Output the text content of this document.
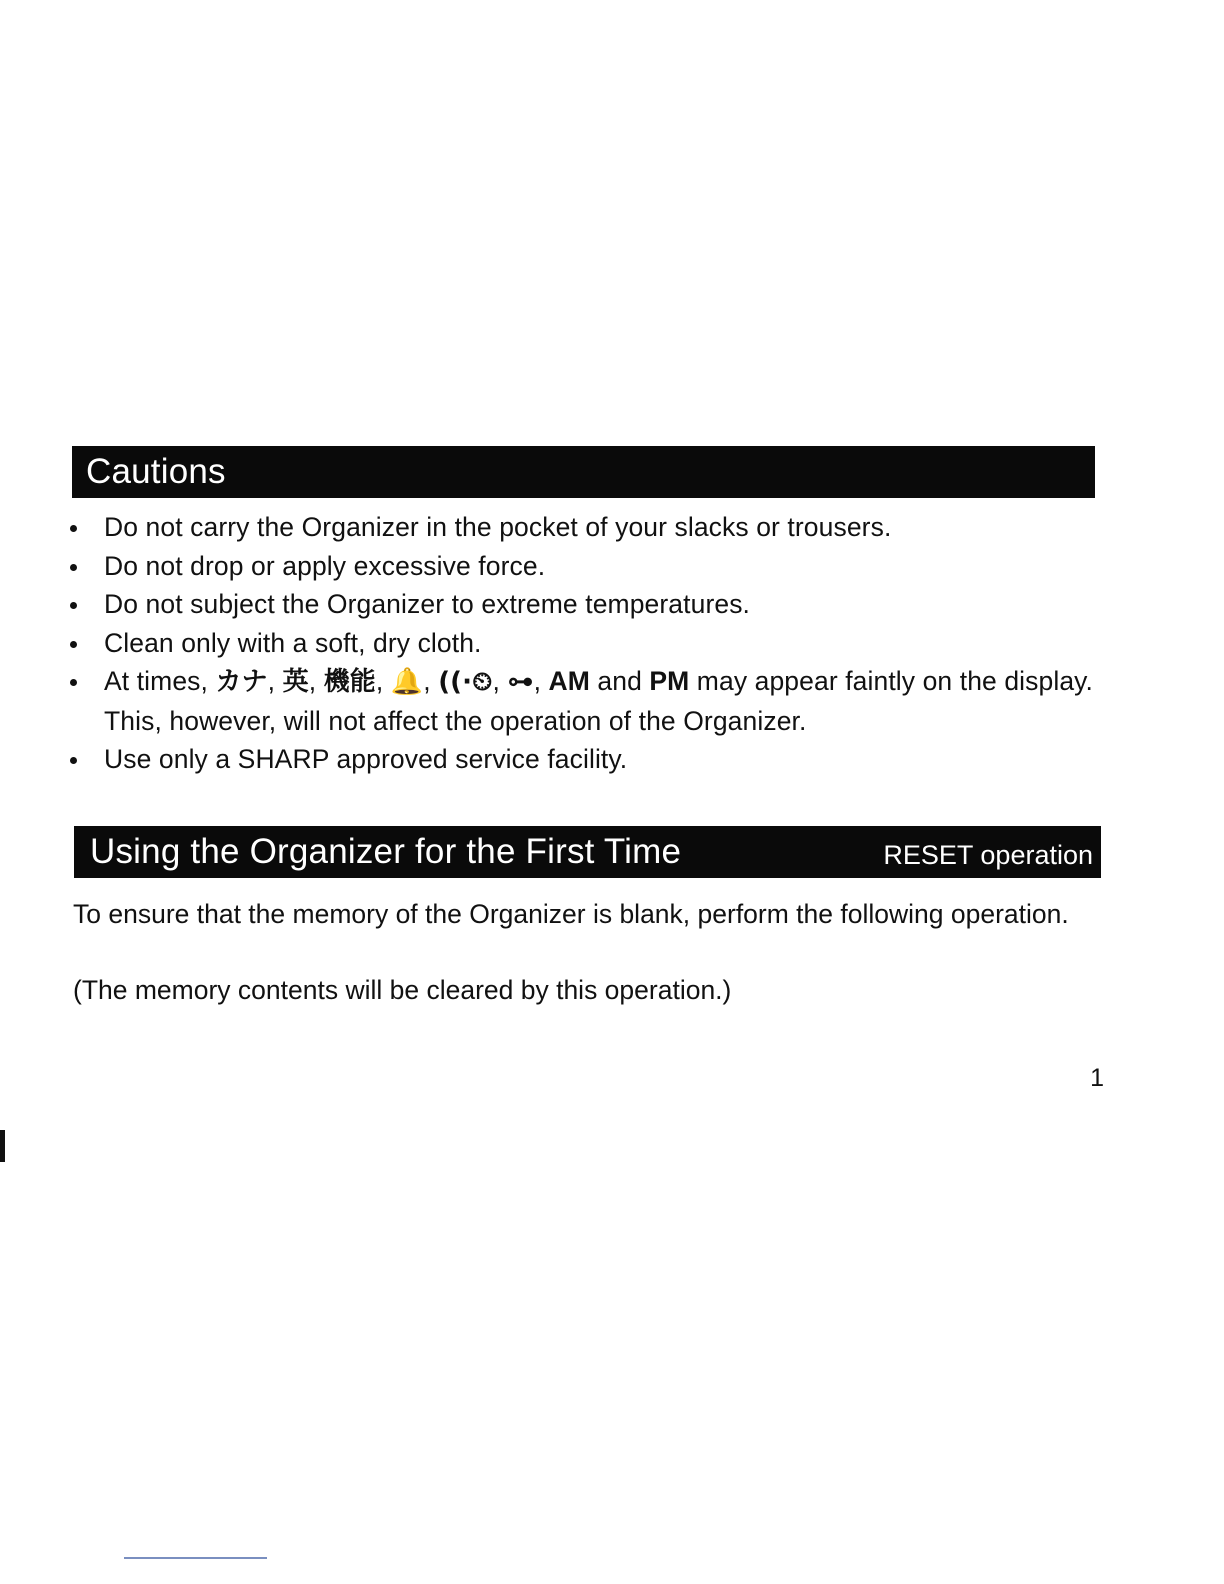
Cautions
Do not carry the Organizer in the pocket of your slacks or trousers.
Do not drop or apply excessive force.
Do not subject the Organizer to extreme temperatures.
Clean only with a soft, dry cloth.
At times, カナ, 英, 機能, 🔔, ((·⏲, ⊶, AM and PM may appear faintly on the display. This, however, will not affect the operation of the Organizer.
Use only a SHARP approved service facility.
Using the Organizer for the First Time	RESET operation

To ensure that the memory of the Organizer is blank, perform the following operation.

(The memory contents will be cleared by this operation.)

1
